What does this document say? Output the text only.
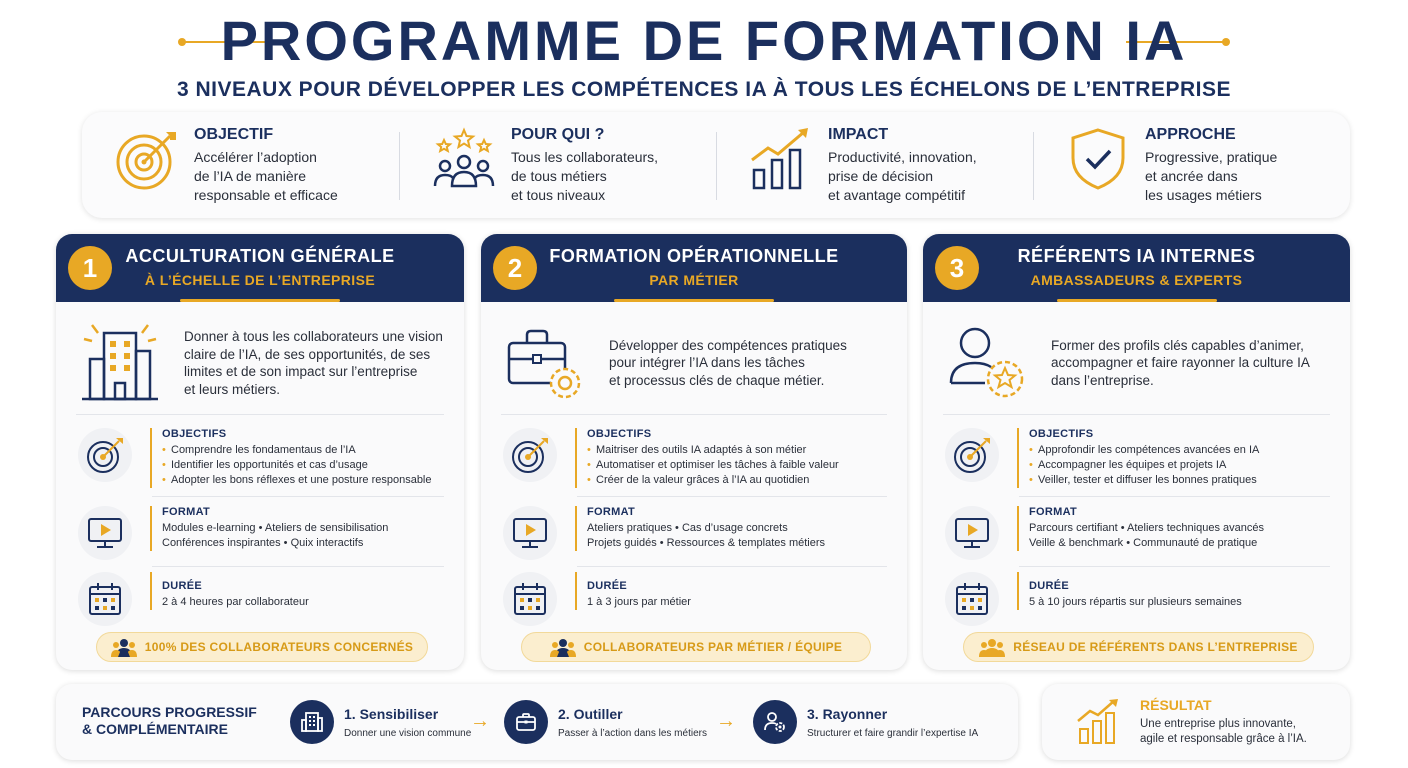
PROGRAMME DE FORMATION IA
3 NIVEAUX POUR DÉVELOPPER LES COMPÉTENCES IA À TOUS LES ÉCHELONS DE L’ENTREPRISE
OBJECTIF
Accélérer l’adoption
de l’IA de manière
responsable et efficace
POUR QUI ?
Tous les collaborateurs,
de tous métiers
et tous niveaux
IMPACT
Productivité, innovation,
prise de décision
et avantage compétitif
APPROCHE
Progressive, pratique
et ancrée dans
les usages métiers
1	ACCULTURATION GÉNÉRALE
À L’ÉCHELLE DE L’ENTREPRISE
Donner à tous les collaborateurs une vision
claire de l’IA, de ses opportunités, de ses
limites et de son impact sur l’entreprise
et leurs métiers.
OBJECTIFS
• Comprendre les fondamentaus de l’IA
• Identifier les opportunités et cas d’usage
• Adopter les bons réflexes et une posture responsable
FORMAT
Modules e-learning • Ateliers de sensibilisation
Conférences inspirantes • Quix interactifs
DURÉE
2 à 4 heures par collaborateur
100% DES COLLABORATEURS CONCERNÉS
2	FORMATION OPÉRATIONNELLE
PAR MÉTIER
Développer des compétences pratiques
pour intégrer l’IA dans les tâches
et processus clés de chaque métier.
OBJECTIFS
• Maitriser des outils IA adaptés à son métier
• Automatiser et optimiser les tâches à faible valeur
• Créer de la valeur grâces à l’IA au quotidien
FORMAT
Ateliers pratiques • Cas d’usage concrets
Projets guidés • Ressources & templates métiers
DURÉE
1 à 3 jours par métier
COLLABORATEURS PAR MÉTIER / ÉQUIPE
3	RÉFÉRENTS IA INTERNES
AMBASSADEURS & EXPERTS
Former des profils clés capables d’animer,
accompagner et faire rayonner la culture IA
dans l’entreprise.
OBJECTIFS
• Approfondir les compétences avancées en IA
• Accompagner les équipes et projets IA
• Veiller, tester et diffuser les bonnes pratiques
FORMAT
Parcours certifiant • Ateliers techniques avancés
Veille & benchmark • Communauté de pratique
DURÉE
5 à 10 jours répartis sur plusieurs semaines
RÉSEAU DE RÉFÉRENTS DANS L’ENTREPRISE
PARCOURS PROGRESSIF
& COMPLÉMENTAIRE
1. Sensibiliser
Donner une vision commune
→	2. Outiller
Passer à l’action dans les métiers
→	3. Rayonner
Structurer et faire grandir l’expertise IA
RÉSULTAT
Une entreprise plus innovante,
agile et responsable grâce à l’IA.
